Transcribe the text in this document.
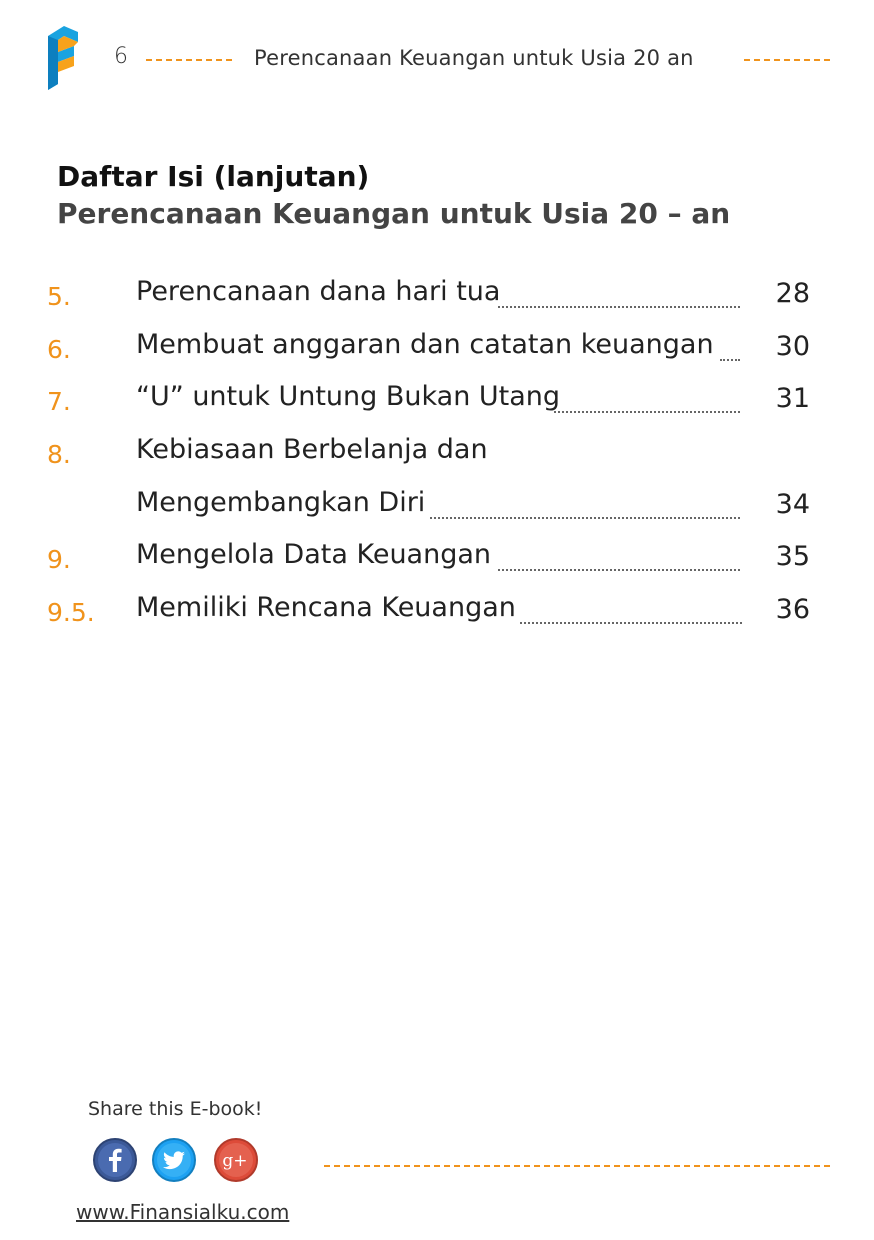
6	Perencanaan Keuangan untuk Usia 20 an
Daftar Isi (lanjutan)
Perencanaan Keuangan untuk Usia 20 – an
5. Perencanaan dana hari tua	28
6. Membuat anggaran dan catatan keuangan 30
7. “U” untuk Untung Bukan Utang	31
8. Kebiasaan Berbelanja dan
Mengembangkan Diri	34
9. Mengelola Data Keuangan	35
9.5. Memiliki Rencana Keuangan	36
Share this E-book!
g+
www.Finansialku.com
